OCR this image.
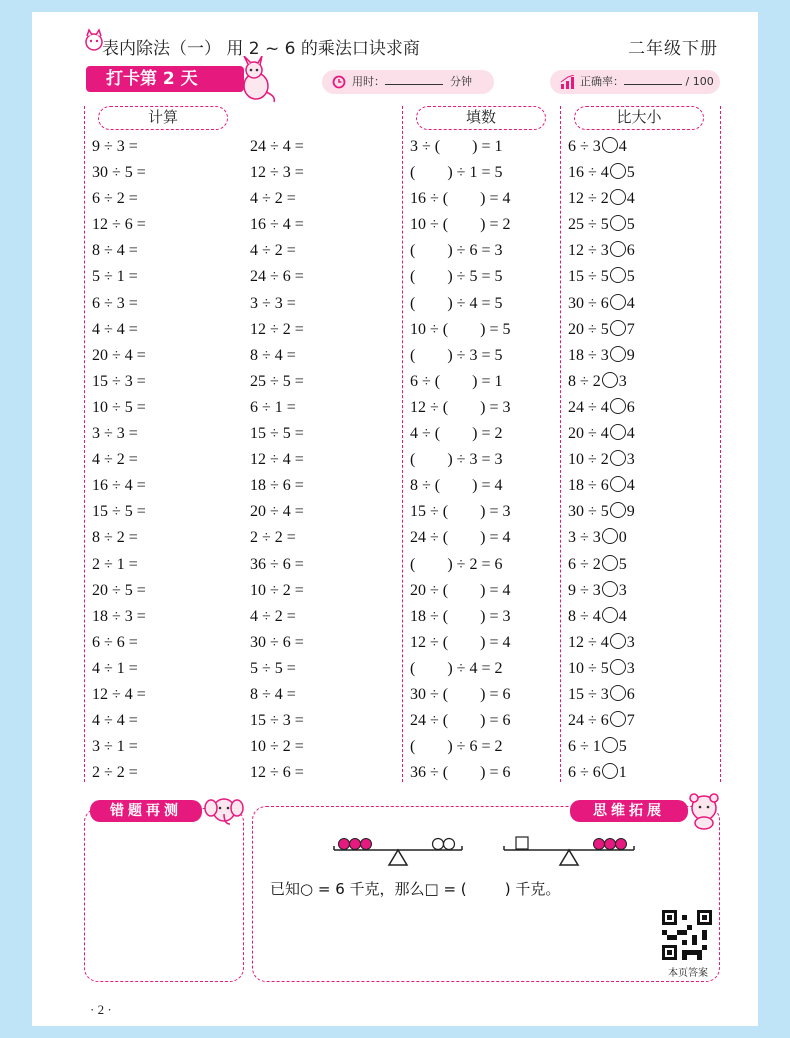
表内除法（一） 用 2 ~ 6 的乘法口诀求商	二年级下册
打卡第 2 天	用时：	分钟	正确率：	/ 100
计算	填数	比大小
9 ÷ 3 =
30 ÷ 5 =
6 ÷ 2 =
12 ÷ 6 =
8 ÷ 4 =
5 ÷ 1 =
6 ÷ 3 =
4 ÷ 4 =
20 ÷ 4 =
15 ÷ 3 =
10 ÷ 5 =
3 ÷ 3 =
4 ÷ 2 =
16 ÷ 4 =
15 ÷ 5 =
8 ÷ 2 =
2 ÷ 1 =
20 ÷ 5 =
18 ÷ 3 =
6 ÷ 6 =
4 ÷ 1 =
12 ÷ 4 =
4 ÷ 4 =
3 ÷ 1 =
2 ÷ 2 =
24 ÷ 4 =
12 ÷ 3 =
4 ÷ 2 =
16 ÷ 4 =
4 ÷ 2 =
24 ÷ 6 =
3 ÷ 3 =
12 ÷ 2 =
8 ÷ 4 =
25 ÷ 5 =
6 ÷ 1 =
15 ÷ 5 =
12 ÷ 4 =
18 ÷ 6 =
20 ÷ 4 =
2 ÷ 2 =
36 ÷ 6 =
10 ÷ 2 =
4 ÷ 2 =
30 ÷ 6 =
5 ÷ 5 =
8 ÷ 4 =
15 ÷ 3 =
10 ÷ 2 =
12 ÷ 6 =
3 ÷ (        ) = 1
(        ) ÷ 1 = 5
16 ÷ (        ) = 4
10 ÷ (        ) = 2
(        ) ÷ 6 = 3
(        ) ÷ 5 = 5
(        ) ÷ 4 = 5
10 ÷ (        ) = 5
(        ) ÷ 3 = 5
6 ÷ (        ) = 1
12 ÷ (        ) = 3
4 ÷ (        ) = 2
(        ) ÷ 3 = 3
8 ÷ (        ) = 4
15 ÷ (        ) = 3
24 ÷ (        ) = 4
(        ) ÷ 2 = 6
20 ÷ (        ) = 4
18 ÷ (        ) = 3
12 ÷ (        ) = 4
(        ) ÷ 4 = 2
30 ÷ (        ) = 6
24 ÷ (        ) = 6
(        ) ÷ 6 = 2
36 ÷ (        ) = 6
6 ÷ 3 4
16 ÷ 4 5
12 ÷ 2 4
25 ÷ 5 5
12 ÷ 3 6
15 ÷ 5 5
30 ÷ 6 4
20 ÷ 5 7
18 ÷ 3 9
8 ÷ 2 3
24 ÷ 4 6
20 ÷ 4 4
10 ÷ 2 3
18 ÷ 6 4
30 ÷ 5 9
3 ÷ 3 0
6 ÷ 2 5
9 ÷ 3 3
8 ÷ 4 4
12 ÷ 4 3
10 ÷ 5 3
15 ÷ 3 6
24 ÷ 6 7
6 ÷ 1 5
6 ÷ 6 1
错题再测	思维拓展
已知○ = 6 千克，那么□ = (        ) 千克。
本页答案
· 2 ·
